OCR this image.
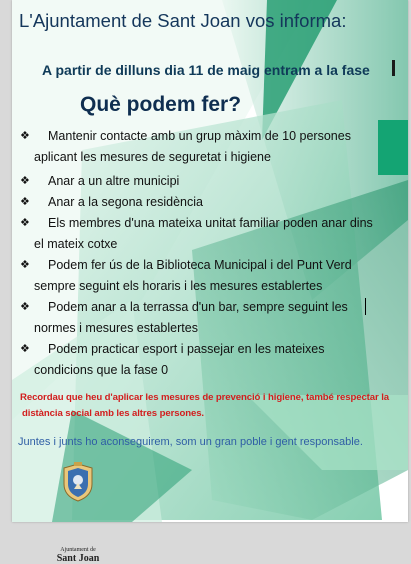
L'Ajuntament de Sant Joan vos informa:
A partir de dilluns dia 11 de maig entram a la fase
Què podem fer?
❖	Mantenir contacte amb un grup màxim de 10 persones
aplicant les mesures de seguretat i higiene
❖	Anar a un altre municipi
❖	Anar a la segona residència
❖	Els membres d'una mateixa unitat familiar poden anar dins
el mateix cotxe
❖	Podem fer ús de la Biblioteca Municipal i del Punt Verd
sempre seguint els horaris i les mesures establertes
❖	Podem anar a la terrassa d'un bar, sempre seguint les
normes i mesures establertes
❖	Podem practicar esport i passejar en les mateixes
condicions que la fase 0
Recordau que heu d'aplicar les mesures de prevenció i higiene, també respectar la
distància social amb les altres persones.
Juntes i junts ho aconseguirem, som un gran poble i gent responsable.
Ajuntament de
Sant Joan
